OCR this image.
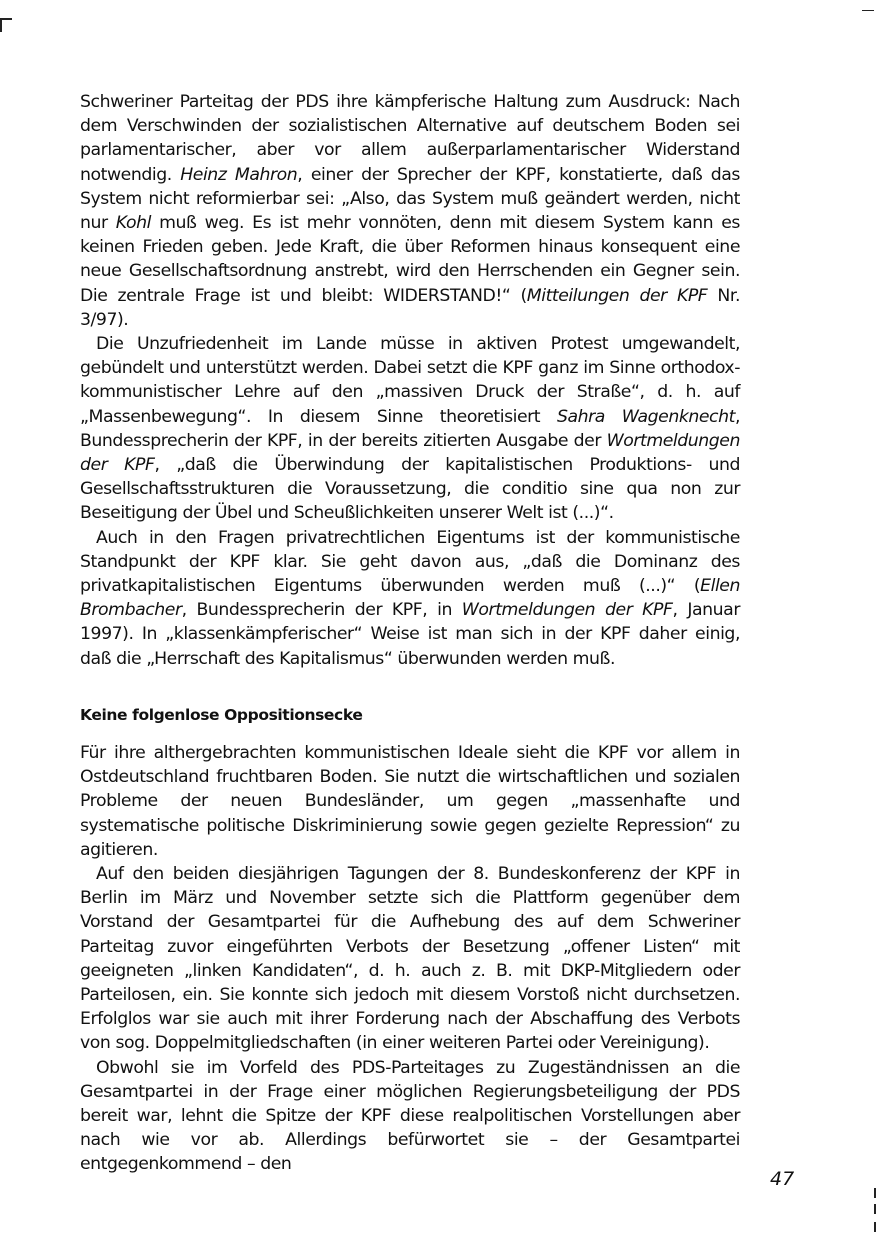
Schweriner Parteitag der PDS ihre kämpferische Haltung zum Ausdruck: Nach dem Verschwinden der sozialistischen Alternative auf deutschem Boden sei parlamentarischer, aber vor allem außerparlamentarischer Widerstand notwendig. Heinz Mahron, einer der Sprecher der KPF, konstatierte, daß das System nicht reformierbar sei: „Also, das System muß geändert werden, nicht nur Kohl muß weg. Es ist mehr vonnöten, denn mit diesem System kann es keinen Frieden geben. Jede Kraft, die über Reformen hinaus konsequent eine neue Gesellschaftsordnung anstrebt, wird den Herrschenden ein Gegner sein. Die zentrale Frage ist und bleibt: WIDERSTAND!“ (Mitteilungen der KPF Nr. 3/97).

Die Unzufriedenheit im Lande müsse in aktiven Protest umgewandelt, gebündelt und unterstützt werden. Dabei setzt die KPF ganz im Sinne orthodox-kommunistischer Lehre auf den „massiven Druck der Straße“, d. h. auf „Massenbewegung“. In diesem Sinne theoretisiert Sahra Wagenknecht, Bundessprecherin der KPF, in der bereits zitierten Ausgabe der Wortmeldungen der KPF, „daß die Überwindung der kapitalistischen Produktions- und Gesellschaftsstrukturen die Voraussetzung, die conditio sine qua non zur Beseitigung der Übel und Scheußlichkeiten unserer Welt ist (...)“.

Auch in den Fragen privatrechtlichen Eigentums ist der kommunistische Standpunkt der KPF klar. Sie geht davon aus, „daß die Dominanz des privatkapitalistischen Eigentums überwunden werden muß (...)“ (Ellen Brombacher, Bundessprecherin der KPF, in Wortmeldungen der KPF, Januar 1997). In „klassenkämpferischer“ Weise ist man sich in der KPF daher einig, daß die „Herrschaft des Kapitalismus“ überwunden werden muß.

Keine folgenlose Oppositionsecke

Für ihre althergebrachten kommunistischen Ideale sieht die KPF vor allem in Ostdeutschland fruchtbaren Boden. Sie nutzt die wirtschaftlichen und sozialen Probleme der neuen Bundesländer, um gegen „massenhafte und systematische politische Diskriminierung sowie gegen gezielte Repression“ zu agitieren.

Auf den beiden diesjährigen Tagungen der 8. Bundeskonferenz der KPF in Berlin im März und November setzte sich die Plattform gegenüber dem Vorstand der Gesamtpartei für die Aufhebung des auf dem Schweriner Parteitag zuvor eingeführten Verbots der Besetzung „offener Listen“ mit geeigneten „linken Kandidaten“, d. h. auch z. B. mit DKP-Mitgliedern oder Parteilosen, ein. Sie konnte sich jedoch mit diesem Vorstoß nicht durchsetzen. Erfolglos war sie auch mit ihrer Forderung nach der Abschaffung des Verbots von sog. Doppelmitgliedschaften (in einer weiteren Partei oder Vereinigung).

Obwohl sie im Vorfeld des PDS-Parteitages zu Zugeständnissen an die Gesamtpartei in der Frage einer möglichen Regierungsbeteiligung der PDS bereit war, lehnt die Spitze der KPF diese realpolitischen Vorstellungen aber nach wie vor ab. Allerdings befürwortet sie – der Gesamtpartei entgegenkommend – den

47
